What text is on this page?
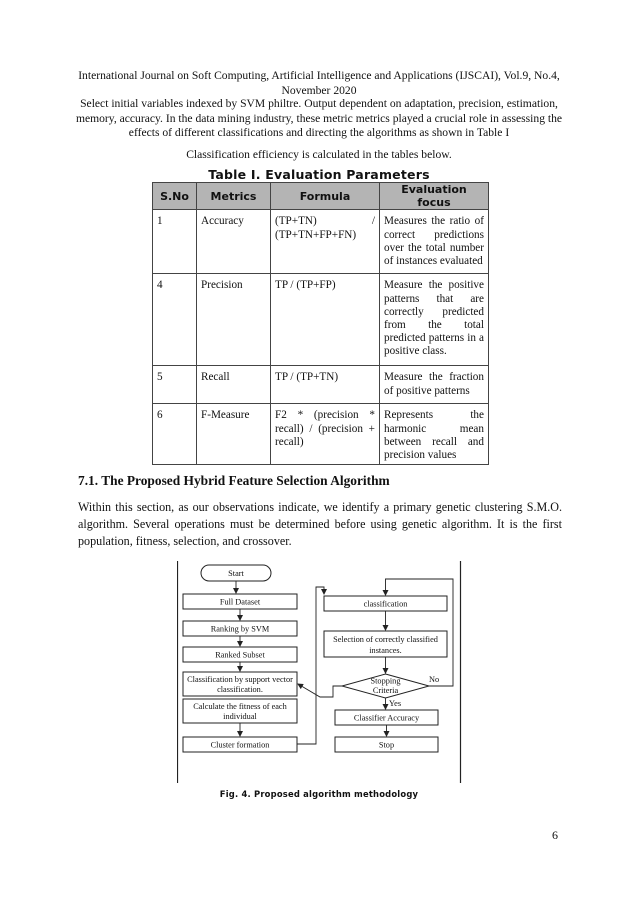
International Journal on Soft Computing, Artificial Intelligence and Applications (IJSCAI), Vol.9, No.4,
November 2020
Select initial variables indexed by SVM philtre. Output dependent on adaptation, precision, estimation,
memory, accuracy. In the data mining industry, these metric metrics played a crucial role in assessing the
effects of different classifications and directing the algorithms as shown in Table I
Classification efficiency is calculated in the tables below.
Table I. Evaluation Parameters
S.No	Metrics	Formula	Evaluation focus
1	Accuracy	(TP+TN) / (TP+TN+FP+FN)	Measures the ratio of correct predictions over the total number of instances evaluated
4	Precision	TP / (TP+FP)	Measure the positive patterns that are correctly predicted from the total predicted patterns in a positive class.
5	Recall	TP / (TP+TN)	Measure the fraction of positive patterns
6	F-Measure	F2 * (precision * recall) / (precision + recall)	Represents the harmonic mean between recall and precision values
7.1. The Proposed Hybrid Feature Selection Algorithm
Within this section, as our observations indicate, we identify a primary genetic clustering S.M.O. algorithm. Several operations must be determined before using genetic algorithm. It is the first population, fitness, selection, and crossover.
Start
Full Dataset
Ranking by SVM
Ranked Subset
Classification by support vector
classification.
Calculate the fitness of each
individual
Cluster formation
classification
Selection of correctly classified
instances.
Stopping
Criteria
No
Yes
Classifier Accuracy
Stop
Fig. 4. Proposed algorithm methodology
6
